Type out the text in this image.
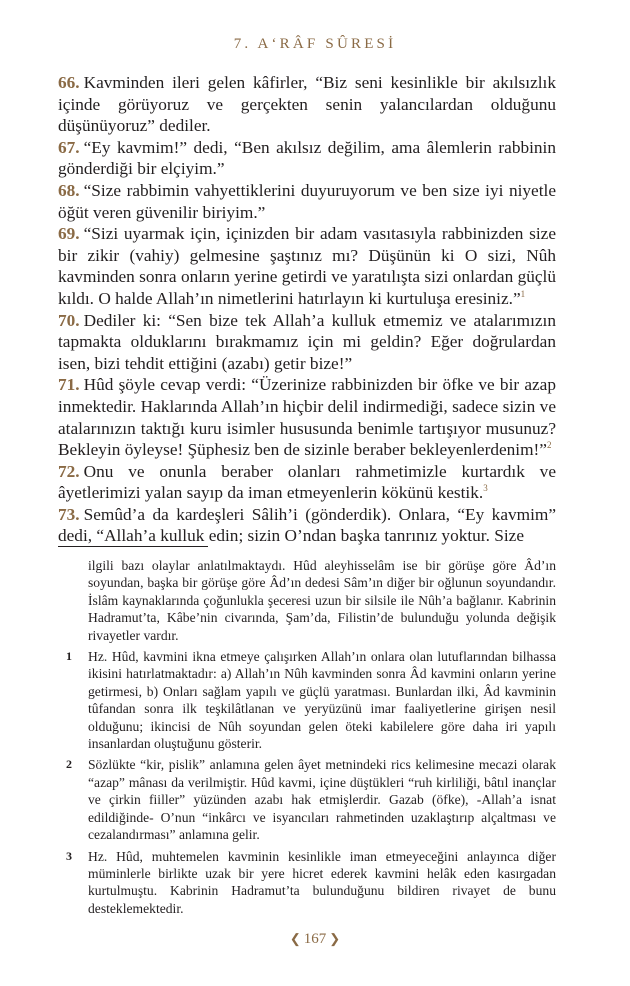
7. A‘RÂF SÛRESİ

66. Kavminden ileri gelen kâfirler, “Biz seni kesinlikle bir akılsızlık içinde görüyoruz ve gerçekten senin yalancılardan olduğunu düşünüyoruz” dediler.

67. “Ey kavmim!” dedi, “Ben akılsız değilim, ama âlemlerin rabbinin gönderdiği bir elçiyim.”

68. “Size rabbimin vahyettiklerini duyuruyorum ve ben size iyi niyetle öğüt veren güvenilir biriyim.”

69. “Sizi uyarmak için, içinizden bir adam vasıtasıyla rabbinizden size bir zikir (vahiy) gelmesine şaştınız mı? Düşünün ki O sizi, Nûh kavminden sonra onların yerine getirdi ve yaratılışta sizi onlardan güçlü kıldı. O halde Allah’ın nimetlerini hatırlayın ki kurtuluşa eresiniz.”$^1$

70. Dediler ki: “Sen bize tek Allah’a kulluk etmemiz ve atalarımızın tapmakta olduklarını bırakmamız için mi geldin? Eğer doğrulardan isen, bizi tehdit ettiğini (azabı) getir bize!”

71. Hûd şöyle cevap verdi: “Üzerinize rabbinizden bir öfke ve bir azap inmektedir. Haklarında Allah’ın hiçbir delil indirmediği, sadece sizin ve atalarınızın taktığı kuru isimler hususunda benimle tartışıyor musunuz? Bekleyin öyleyse! Şüphesiz ben de sizinle beraber bekleyenlerdenim!”$^2$

72. Onu ve onunla beraber olanları rahmetimizle kurtardık ve âyetlerimizi yalan sayıp da iman etmeyenlerin kökünü kestik.$^3$

73. Semûd’a da kardeşleri Sâlih’i (gönderdik). Onlara, “Ey kavmim” dedi, “Allah’a kulluk edin; sizin O’ndan başka tanrınız yoktur. Size

ilgili bazı olaylar anlatılmaktaydı. Hûd aleyhisselâm ise bir görüşe göre Âd’ın soyundan, başka bir görüşe göre Âd’ın dedesi Sâm’ın diğer bir oğlunun soyundandır. İslâm kaynaklarında çoğunlukla şeceresi uzun bir silsile ile Nûh’a bağlanır. Kabrinin Hadramut’ta, Kâbe’nin civarında, Şam’da, Filistin’de bulunduğu yolunda değişik rivayetler vardır.
1	Hz. Hûd, kavmini ikna etmeye çalışırken Allah’ın onlara olan lutuflarından bilhassa ikisini hatırlatmaktadır: a) Allah’ın Nûh kavminden sonra Âd kavmini onların yerine getirmesi, b) Onları sağlam yapılı ve güçlü yaratması. Bunlardan ilki, Âd kavminin tûfandan sonra ilk teşkilâtlanan ve yeryüzünü imar faaliyetlerine girişen nesil olduğunu; ikincisi de Nûh soyundan gelen öteki kabilelere göre daha iri yapılı insanlardan oluştuğunu gösterir.
2	Sözlükte “kir, pislik” anlamına gelen âyet metnindeki rics kelimesine mecazi olarak “azap” mânası da verilmiştir. Hûd kavmi, içine düştükleri “ruh kirliliği, bâtıl inançlar ve çirkin fiiller” yüzünden azabı hak etmişlerdir. Gazab (öfke), -Allah’a isnat edildiğinde- O’nun “inkârcı ve isyancıları rahmetinden uzaklaştırıp alçaltması ve cezalandırması” anlamına gelir.
3	Hz. Hûd, muhtemelen kavminin kesinlikle iman etmeyeceğini anlayınca diğer müminlerle birlikte uzak bir yere hicret ederek kavmini helâk eden kasırgadan kurtulmuştu. Kabrinin Hadramut’ta bulunduğunu bildiren rivayet de bunu desteklemektedir.
❮ 167 ❯
